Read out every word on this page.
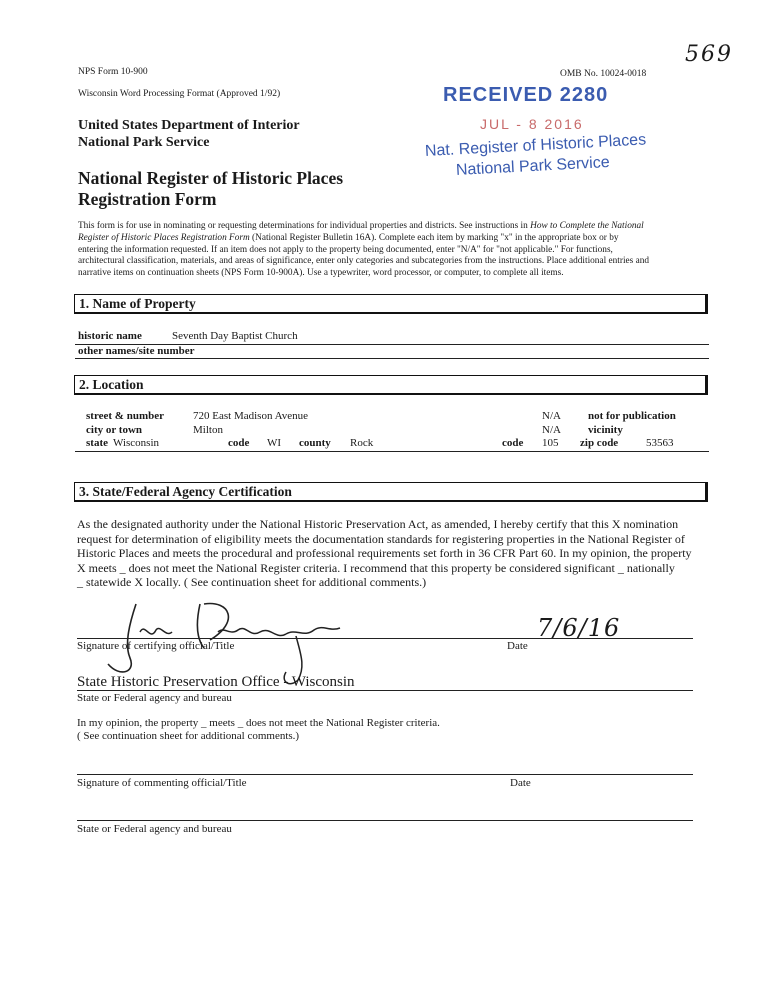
NPS Form 10-900
Wisconsin Word Processing Format (Approved 1/92)
OMB No. 10024-0018
569
United States Department of Interior
National Park Service
National Register of Historic Places
Registration Form
RECEIVED 2280
JUL - 8 2016
Nat. Register of Historic Places
National Park Service
This form is for use in nominating or requesting determinations for individual properties and districts. See instructions in How to Complete the National
Register of Historic Places Registration Form (National Register Bulletin 16A). Complete each item by marking "x" in the appropriate box or by
entering the information requested. If an item does not apply to the property being documented, enter "N/A" for "not applicable." For functions,
architectural classification, materials, and areas of significance, enter only categories and subcategories from the instructions. Place additional entries and
narrative items on continuation sheets (NPS Form 10-900A). Use a typewriter, word processor, or computer, to complete all items.
1. Name of Property
historic name	Seventh Day Baptist Church
other names/site number
2. Location
street & number	720 East Madison Avenue	N/A not for publication
city or town	Milton	N/A vicinity
state Wisconsin	code WI county Rock	code 105 zip code	53563
3. State/Federal Agency Certification
As the designated authority under the National Historic Preservation Act, as amended, I hereby certify that this X nomination
request for determination of eligibility meets the documentation standards for registering properties in the National Register of
Historic Places and meets the procedural and professional requirements set forth in 36 CFR Part 60. In my opinion, the property
X meets _ does not meet the National Register criteria. I recommend that this property be considered significant _ nationally
_ statewide X locally. ( See continuation sheet for additional comments.)
Signature of certifying official/Title	Date
7/6/16
State Historic Preservation Office - Wisconsin
State or Federal agency and bureau
In my opinion, the property _ meets _ does not meet the National Register criteria.
( See continuation sheet for additional comments.)
Signature of commenting official/Title	Date
State or Federal agency and bureau
